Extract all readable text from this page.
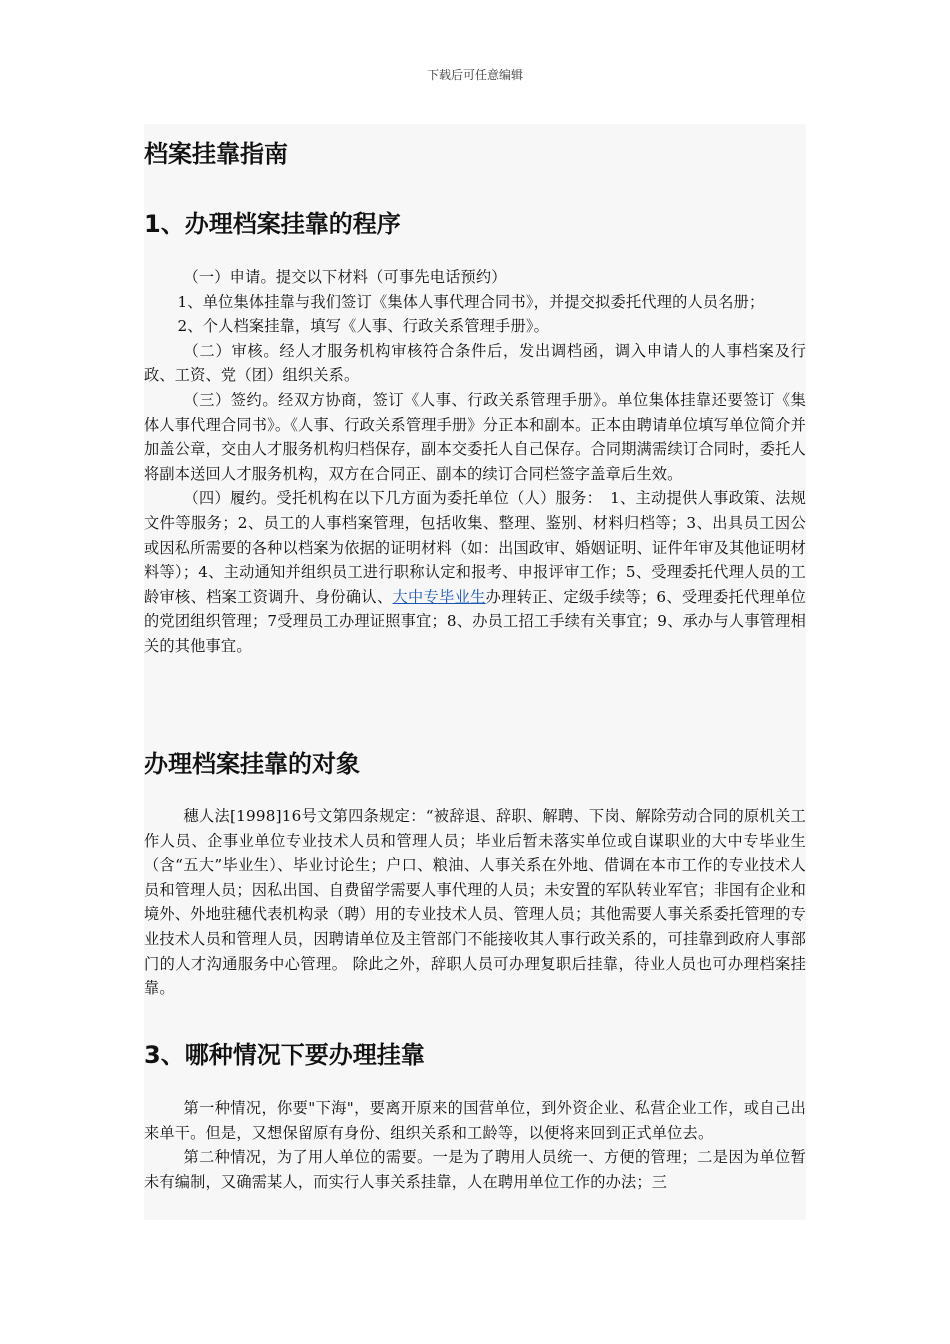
下载后可任意编辑
档案挂靠指南
1、办理档案挂靠的程序

（一）申请。提交以下材料（可事先电话预约）

1、单位集体挂靠与我们签订《集体人事代理合同书》，并提交拟委托代理的人员名册；

2、个人档案挂靠，填写《人事、行政关系管理手册》。

（二）审核。经人才服务机构审核符合条件后，发出调档函，调入申请人的人事档案及行政、工资、党（团）组织关系。

（三）签约。经双方协商，签订《人事、行政关系管理手册》。单位集体挂靠还要签订《集体人事代理合同书》。《人事、行政关系管理手册》分正本和副本。正本由聘请单位填写单位简介并加盖公章，交由人才服务机构归档保存，副本交委托人自己保存。合同期满需续订合同时，委托人将副本送回人才服务机构，双方在合同正、副本的续订合同栏签字盖章后生效。

（四）履约。受托机构在以下几方面为委托单位（人）服务：　1、主动提供人事政策、法规文件等服务；2、员工的人事档案管理，包括收集、整理、鉴别、材料归档等；3、出具员工因公或因私所需要的各种以档案为依据的证明材料（如：出国政审、婚姻证明、证件年审及其他证明材料等）；4、主动通知并组织员工进行职称认定和报考、申报评审工作；5、受理委托代理人员的工龄审核、档案工资调升、身份确认、大中专毕业生办理转正、定级手续等；6、受理委托代理单位的党团组织管理；7受理员工办理证照事宜；8、办员工招工手续有关事宜；9、承办与人事管理相关的其他事宜。

办理档案挂靠的对象

穗人法[1998]16号文第四条规定：“被辞退、辞职、解聘、下岗、解除劳动合同的原机关工作人员、企事业单位专业技术人员和管理人员；毕业后暂未落实单位或自谋职业的大中专毕业生（含“五大”毕业生）、毕业讨论生；户口、粮油、人事关系在外地、借调在本市工作的专业技术人员和管理人员；因私出国、自费留学需要人事代理的人员；未安置的军队转业军官；非国有企业和境外、外地驻穗代表机构录（聘）用的专业技术人员、管理人员；其他需要人事关系委托管理的专业技术人员和管理人员，因聘请单位及主管部门不能接收其人事行政关系的，可挂靠到政府人事部门的人才沟通服务中心管理。 除此之外，辞职人员可办理复职后挂靠，待业人员也可办理档案挂靠。

3、哪种情况下要办理挂靠

第一种情况，你要"下海"，要离开原来的国营单位，到外资企业、私营企业工作，或自己出来单干。但是，又想保留原有身份、组织关系和工龄等，以便将来回到正式单位去。

第二种情况，为了用人单位的需要。一是为了聘用人员统一、方便的管理；二是因为单位暂未有编制，又确需某人，而实行人事关系挂靠，人在聘用单位工作的办法；三
